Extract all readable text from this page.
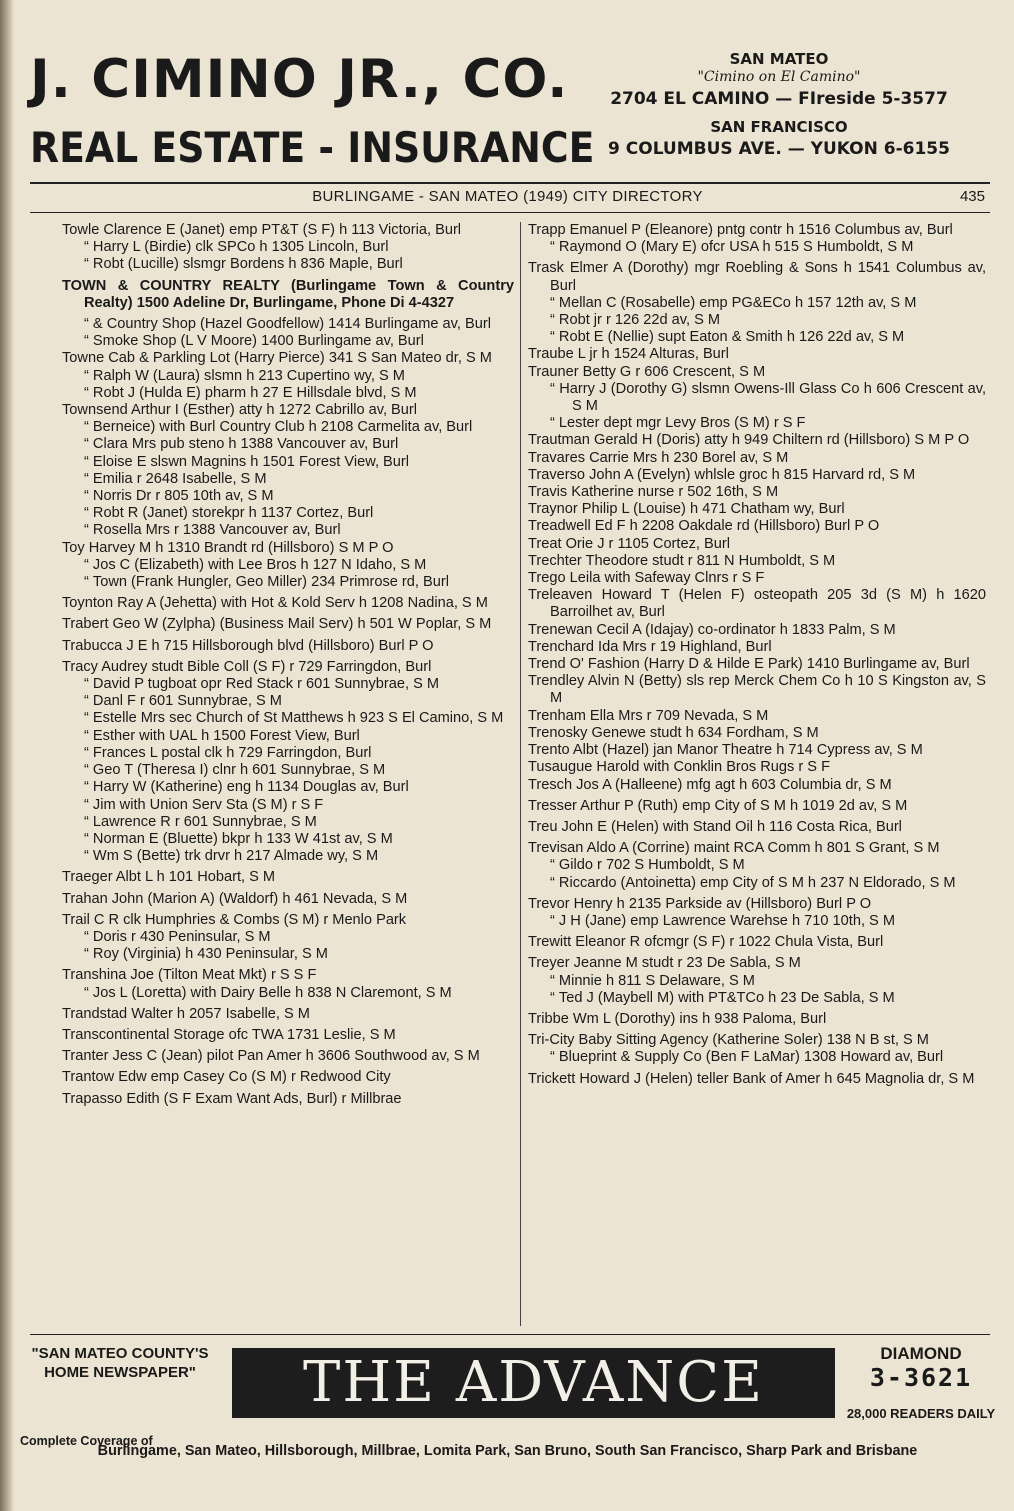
J. CIMINO JR., CO.
REAL ESTATE - INSURANCE
SAN MATEO
"Cimino on El Camino"
2704 EL CAMINO — FIreside 5-3577
SAN FRANCISCO
9 COLUMBUS AVE. — YUKON 6-6155
BURLINGAME - SAN MATEO (1949) CITY DIRECTORY	435

Towle Clarence E (Janet) emp PT&T (S F) h 113 Victoria, Burl

“ Harry L (Birdie) clk SPCo h 1305 Lincoln, Burl

“ Robt (Lucille) slsmgr Bordens h 836 Maple, Burl

TOWN & COUNTRY REALTY (Burlingame Town & Country Realty) 1500 Adeline Dr, Burlingame, Phone Di 4-4327

“ & Country Shop (Hazel Goodfellow) 1414 Burlingame av, Burl

“ Smoke Shop (L V Moore) 1400 Burlingame av, Burl

Towne Cab & Parkling Lot (Harry Pierce) 341 S San Mateo dr, S M

“ Ralph W (Laura) slsmn h 213 Cupertino wy, S M

“ Robt J (Hulda E) pharm h 27 E Hillsdale blvd, S M

Townsend Arthur I (Esther) atty h 1272 Cabrillo av, Burl

“ Berneice) with Burl Country Club h 2108 Carmelita av, Burl

“ Clara Mrs pub steno h 1388 Vancouver av, Burl

“ Eloise E slswn Magnins h 1501 Forest View, Burl

“ Emilia r 2648 Isabelle, S M

“ Norris Dr r 805 10th av, S M

“ Robt R (Janet) storekpr h 1137 Cortez, Burl

“ Rosella Mrs r 1388 Vancouver av, Burl

Toy Harvey M h 1310 Brandt rd (Hillsboro) S M P O

“ Jos C (Elizabeth) with Lee Bros h 127 N Idaho, S M

“ Town (Frank Hungler, Geo Miller) 234 Primrose rd, Burl

Toynton Ray A (Jehetta) with Hot & Kold Serv h 1208 Nadina, S M

Trabert Geo W (Zylpha) (Business Mail Serv) h 501 W Poplar, S M

Trabucca J E h 715 Hillsborough blvd (Hillsboro) Burl P O

Tracy Audrey studt Bible Coll (S F) r 729 Farringdon, Burl

“ David P tugboat opr Red Stack r 601 Sunnybrae, S M

“ Danl F r 601 Sunnybrae, S M

“ Estelle Mrs sec Church of St Matthews h 923 S El Camino, S M

“ Esther with UAL h 1500 Forest View, Burl

“ Frances L postal clk h 729 Farringdon, Burl

“ Geo T (Theresa I) clnr h 601 Sunnybrae, S M

“ Harry W (Katherine) eng h 1134 Douglas av, Burl

“ Jim with Union Serv Sta (S M) r S F

“ Lawrence R r 601 Sunnybrae, S M

“ Norman E (Bluette) bkpr h 133 W 41st av, S M

“ Wm S (Bette) trk drvr h 217 Almade wy, S M

Traeger Albt L h 101 Hobart, S M

Trahan John (Marion A) (Waldorf) h 461 Nevada, S M

Trail C R clk Humphries & Combs (S M) r Menlo Park

“ Doris r 430 Peninsular, S M

“ Roy (Virginia) h 430 Peninsular, S M

Transhina Joe (Tilton Meat Mkt) r S S F

“ Jos L (Loretta) with Dairy Belle h 838 N Claremont, S M

Trandstad Walter h 2057 Isabelle, S M

Transcontinental Storage ofc TWA 1731 Leslie, S M

Tranter Jess C (Jean) pilot Pan Amer h 3606 Southwood av, S M

Trantow Edw emp Casey Co (S M) r Redwood City

Trapasso Edith (S F Exam Want Ads, Burl) r Millbrae

Trapp Emanuel P (Eleanore) pntg contr h 1516 Columbus av, Burl

“ Raymond O (Mary E) ofcr USA h 515 S Humboldt, S M

Trask Elmer A (Dorothy) mgr Roebling & Sons h 1541 Columbus av, Burl

“ Mellan C (Rosabelle) emp PG&ECo h 157 12th av, S M

“ Robt jr r 126 22d av, S M

“ Robt E (Nellie) supt Eaton & Smith h 126 22d av, S M

Traube L jr h 1524 Alturas, Burl

Trauner Betty G r 606 Crescent, S M

“ Harry J (Dorothy G) slsmn Owens-Ill Glass Co h 606 Crescent av, S M

“ Lester dept mgr Levy Bros (S M) r S F

Trautman Gerald H (Doris) atty h 949 Chiltern rd (Hillsboro) S M P O

Travares Carrie Mrs h 230 Borel av, S M

Traverso John A (Evelyn) whlsle groc h 815 Harvard rd, S M

Travis Katherine nurse r 502 16th, S M

Traynor Philip L (Louise) h 471 Chatham wy, Burl

Treadwell Ed F h 2208 Oakdale rd (Hillsboro) Burl P O

Treat Orie J r 1105 Cortez, Burl

Trechter Theodore studt r 811 N Humboldt, S M

Trego Leila with Safeway Clnrs r S F

Treleaven Howard T (Helen F) osteopath 205 3d (S M) h 1620 Barroilhet av, Burl

Trenewan Cecil A (Idajay) co-ordinator h 1833 Palm, S M

Trenchard Ida Mrs r 19 Highland, Burl

Trend O' Fashion (Harry D & Hilde E Park) 1410 Burlingame av, Burl

Trendley Alvin N (Betty) sls rep Merck Chem Co h 10 S Kingston av, S M

Trenham Ella Mrs r 709 Nevada, S M

Trenosky Genewe studt h 634 Fordham, S M

Trento Albt (Hazel) jan Manor Theatre h 714 Cypress av, S M

Tusaugue Harold with Conklin Bros Rugs r S F

Tresch Jos A (Halleene) mfg agt h 603 Columbia dr, S M

Tresser Arthur P (Ruth) emp City of S M h 1019 2d av, S M

Treu John E (Helen) with Stand Oil h 116 Costa Rica, Burl

Trevisan Aldo A (Corrine) maint RCA Comm h 801 S Grant, S M

“ Gildo r 702 S Humboldt, S M

“ Riccardo (Antoinetta) emp City of S M h 237 N Eldorado, S M

Trevor Henry h 2135 Parkside av (Hillsboro) Burl P O

“ J H (Jane) emp Lawrence Warehse h 710 10th, S M

Trewitt Eleanor R ofcmgr (S F) r 1022 Chula Vista, Burl

Treyer Jeanne M studt r 23 De Sabla, S M

“ Minnie h 811 S Delaware, S M

“ Ted J (Maybell M) with PT&TCo h 23 De Sabla, S M

Tribbe Wm L (Dorothy) ins h 938 Paloma, Burl

Tri-City Baby Sitting Agency (Katherine Soler) 138 N B st, S M

“ Blueprint & Supply Co (Ben F LaMar) 1308 Howard av, Burl

Trickett Howard J (Helen) teller Bank of Amer h 645 Magnolia dr, S M

"SAN MATEO COUNTY'S HOME NEWSPAPER"
Complete Coverage of
THE ADVANCE	DIAMOND
3-3621
28,000 READERS DAILY
Burlingame, San Mateo, Hillsborough, Millbrae, Lomita Park, San Bruno, South San Francisco, Sharp Park and Brisbane
